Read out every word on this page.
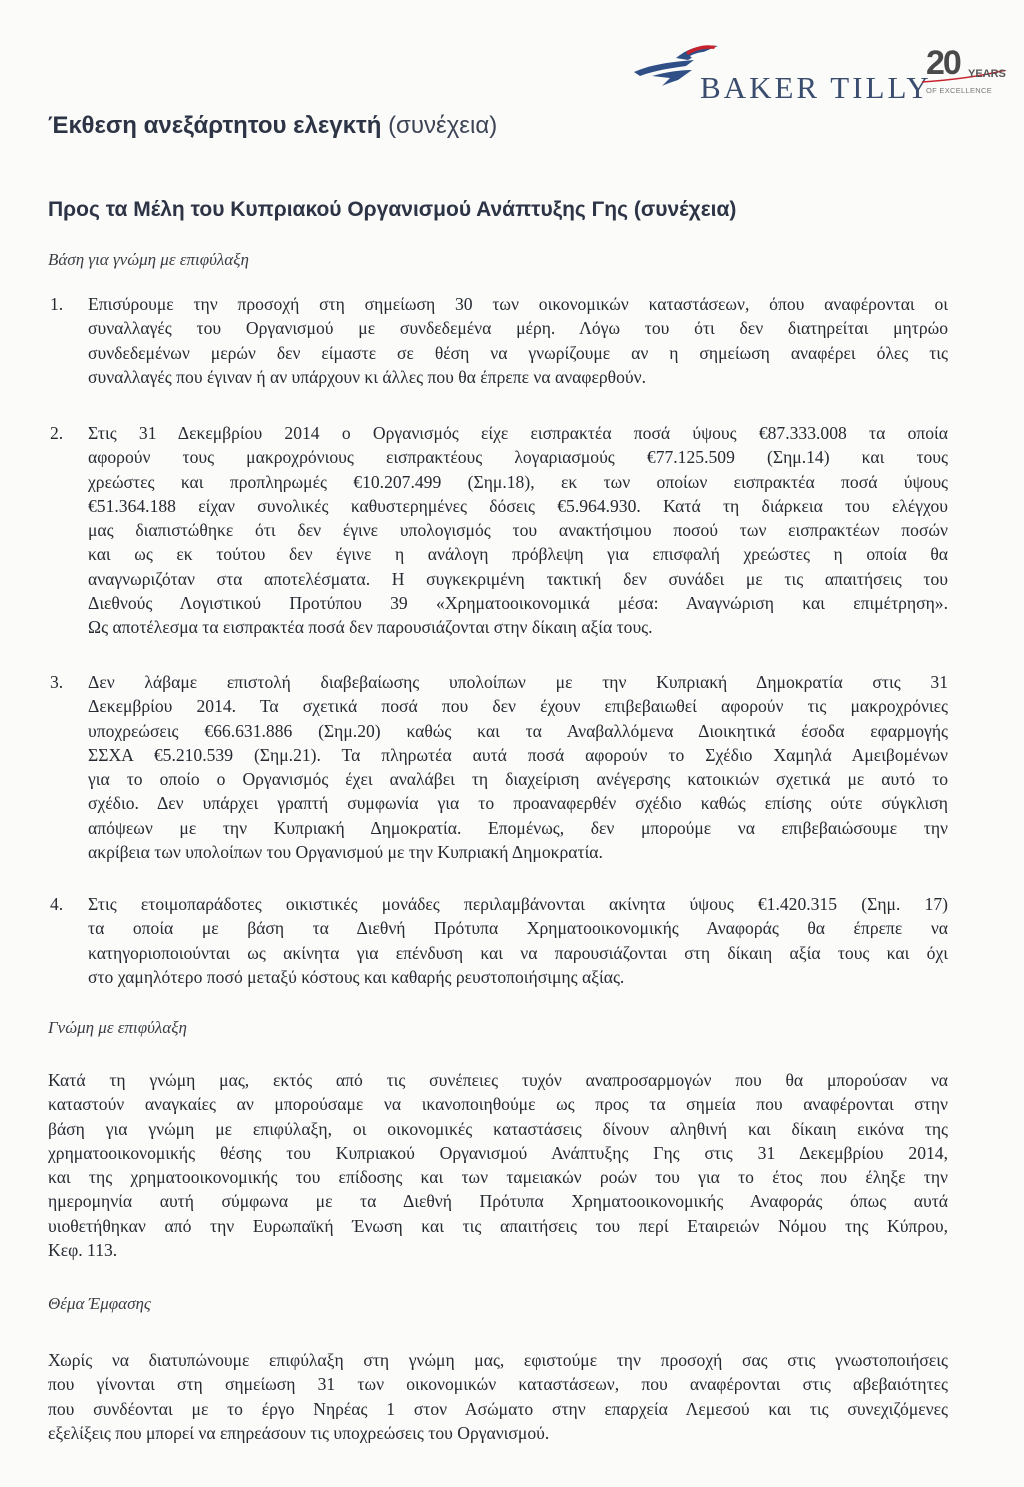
BAKER TILLY
20 YEARS
OF EXCELLENCE
Έκθεση ανεξάρτητου ελεγκτή (συνέχεια)
Προς τα Μέλη του Κυπριακού Οργανισμού Ανάπτυξης Γης (συνέχεια)
Βάση για γνώμη με επιφύλαξη
1. Επισύρουμε την προσοχή στη σημείωση 30 των οικονομικών καταστάσεων, όπου αναφέρονται οι
συναλλαγές του Οργανισμού με συνδεδεμένα μέρη. Λόγω του ότι δεν διατηρείται μητρώο
συνδεδεμένων μερών δεν είμαστε σε θέση να γνωρίζουμε αν η σημείωση αναφέρει όλες τις
συναλλαγές που έγιναν ή αν υπάρχουν κι άλλες που θα έπρεπε να αναφερθούν.
2. Στις 31 Δεκεμβρίου 2014 ο Οργανισμός είχε εισπρακτέα ποσά ύψους €87.333.008 τα οποία
αφορούν τους μακροχρόνιους εισπρακτέους λογαριασμούς €77.125.509 (Σημ.14) και τους
χρεώστες και προπληρωμές €10.207.499 (Σημ.18), εκ των οποίων εισπρακτέα ποσά ύψους
€51.364.188 είχαν συνολικές καθυστερημένες δόσεις €5.964.930. Κατά τη διάρκεια του ελέγχου
μας διαπιστώθηκε ότι δεν έγινε υπολογισμός του ανακτήσιμου ποσού των εισπρακτέων ποσών
και ως εκ τούτου δεν έγινε η ανάλογη πρόβλεψη για επισφαλή χρεώστες η οποία θα
αναγνωριζόταν στα αποτελέσματα. Η συγκεκριμένη τακτική δεν συνάδει με τις απαιτήσεις του
Διεθνούς Λογιστικού Προτύπου 39 «Χρηματοοικονομικά μέσα: Αναγνώριση και επιμέτρηση».
Ως αποτέλεσμα τα εισπρακτέα ποσά δεν παρουσιάζονται στην δίκαιη αξία τους.
3. Δεν λάβαμε επιστολή διαβεβαίωσης υπολοίπων με την Κυπριακή Δημοκρατία στις 31
Δεκεμβρίου 2014. Τα σχετικά ποσά που δεν έχουν επιβεβαιωθεί αφορούν τις μακροχρόνιες
υποχρεώσεις €66.631.886 (Σημ.20) καθώς και τα Αναβαλλόμενα Διοικητικά έσοδα εφαρμογής
ΣΣΧΑ €5.210.539 (Σημ.21). Τα πληρωτέα αυτά ποσά αφορούν το Σχέδιο Χαμηλά Αμειβομένων
για το οποίο ο Οργανισμός έχει αναλάβει τη διαχείριση ανέγερσης κατοικιών σχετικά με αυτό το
σχέδιο. Δεν υπάρχει γραπτή συμφωνία για το προαναφερθέν σχέδιο καθώς επίσης ούτε σύγκλιση
απόψεων με την Κυπριακή Δημοκρατία. Επομένως, δεν μπορούμε να επιβεβαιώσουμε την
ακρίβεια των υπολοίπων του Οργανισμού με την Κυπριακή Δημοκρατία.
4. Στις ετοιμοπαράδοτες οικιστικές μονάδες περιλαμβάνονται ακίνητα ύψους €1.420.315 (Σημ. 17)
τα οποία με βάση τα Διεθνή Πρότυπα Χρηματοοικονομικής Αναφοράς θα έπρεπε να
κατηγοριοποιούνται ως ακίνητα για επένδυση και να παρουσιάζονται στη δίκαιη αξία τους και όχι
στο χαμηλότερο ποσό μεταξύ κόστους και καθαρής ρευστοποιήσιμης αξίας.
Γνώμη με επιφύλαξη
Κατά τη γνώμη μας, εκτός από τις συνέπειες τυχόν αναπροσαρμογών που θα μπορούσαν να
καταστούν αναγκαίες αν μπορούσαμε να ικανοποιηθούμε ως προς τα σημεία που αναφέρονται στην
βάση για γνώμη με επιφύλαξη, οι οικονομικές καταστάσεις δίνουν αληθινή και δίκαιη εικόνα της
χρηματοοικονομικής θέσης του Κυπριακού Οργανισμού Ανάπτυξης Γης στις 31 Δεκεμβρίου 2014,
και της χρηματοοικονομικής του επίδοσης και των ταμειακών ροών του για το έτος που έληξε την
ημερομηνία αυτή σύμφωνα με τα Διεθνή Πρότυπα Χρηματοοικονομικής Αναφοράς όπως αυτά
υιοθετήθηκαν από την Ευρωπαϊκή Ένωση και τις απαιτήσεις του περί Εταιρειών Νόμου της Κύπρου,
Κεφ. 113.
Θέμα Έμφασης
Χωρίς να διατυπώνουμε επιφύλαξη στη γνώμη μας, εφιστούμε την προσοχή σας στις γνωστοποιήσεις
που γίνονται στη σημείωση 31 των οικονομικών καταστάσεων, που αναφέρονται στις αβεβαιότητες
που συνδέονται με το έργο Νηρέας 1 στον Ασώματο στην επαρχεία Λεμεσού και τις συνεχιζόμενες
εξελίξεις που μπορεί να επηρεάσουν τις υποχρεώσεις του Οργανισμού.
